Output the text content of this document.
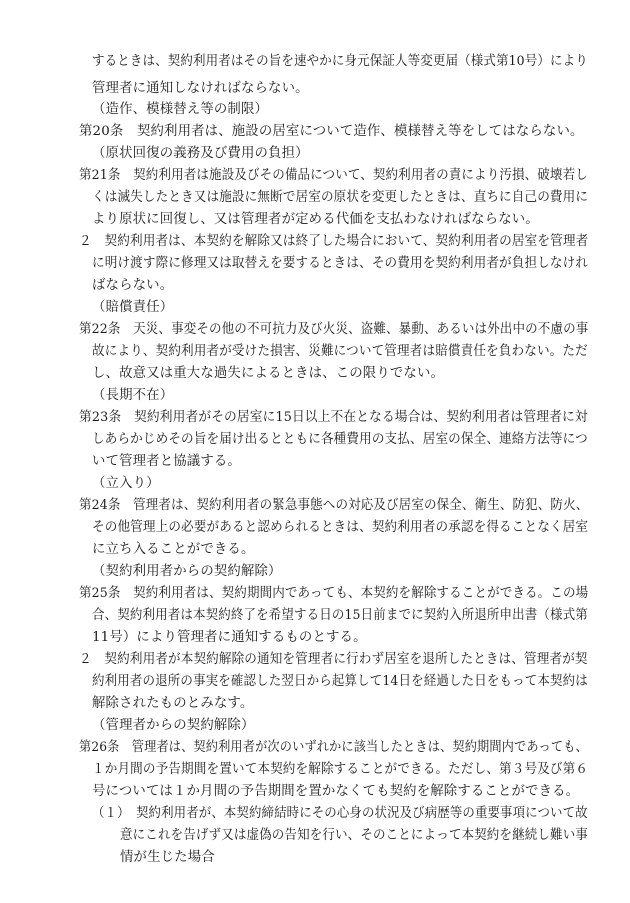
するときは、契約利用者はその旨を速やかに身元保証人等変更届（様式第10号）により
管理者に通知しなければならない。
（造作、模様替え等の制限）
第20条　契約利用者は、施設の居室について造作、模様替え等をしてはならない。
（原状回復の義務及び費用の負担）
第21条　契約利用者は施設及びその備品について、契約利用者の責により汚損、破壊若し
くは滅失したとき又は施設に無断で居室の原状を変更したときは、直ちに自己の費用に
より原状に回復し、又は管理者が定める代価を支払わなければならない。
２　契約利用者は、本契約を解除又は終了した場合において、契約利用者の居室を管理者
に明け渡す際に修理又は取替えを要するときは、その費用を契約利用者が負担しなけれ
ばならない。
（賠償責任）
第22条　天災、事変その他の不可抗力及び火災、盗難、暴動、あるいは外出中の不慮の事
故により、契約利用者が受けた損害、災難について管理者は賠償責任を負わない。ただ
し、故意又は重大な過失によるときは、この限りでない。
（長期不在）
第23条　契約利用者がその居室に15日以上不在となる場合は、契約利用者は管理者に対
しあらかじめその旨を届け出るとともに各種費用の支払、居室の保全、連絡方法等につ
いて管理者と協議する。
（立入り）
第24条　管理者は、契約利用者の緊急事態への対応及び居室の保全、衛生、防犯、防火、
その他管理上の必要があると認められるときは、契約利用者の承認を得ることなく居室
に立ち入ることができる。
（契約利用者からの契約解除）
第25条　契約利用者は、契約期間内であっても、本契約を解除することができる。この場
合、契約利用者は本契約終了を希望する日の15日前までに契約入所退所申出書（様式第
11号）により管理者に通知するものとする。
２　契約利用者が本契約解除の通知を管理者に行わず居室を退所したときは、管理者が契
約利用者の退所の事実を確認した翌日から起算して14日を経過した日をもって本契約は
解除されたものとみなす。
（管理者からの契約解除）
第26条　管理者は、契約利用者が次のいずれかに該当したときは、契約期間内であっても、
１か月間の予告期間を置いて本契約を解除することができる。ただし、第３号及び第６
号については１か月間の予告期間を置かなくても契約を解除することができる。
（１）　契約利用者が、本契約締結時にその心身の状況及び病歴等の重要事項について故
意にこれを告げず又は虚偽の告知を行い、そのことによって本契約を継続し難い事
情が生じた場合
